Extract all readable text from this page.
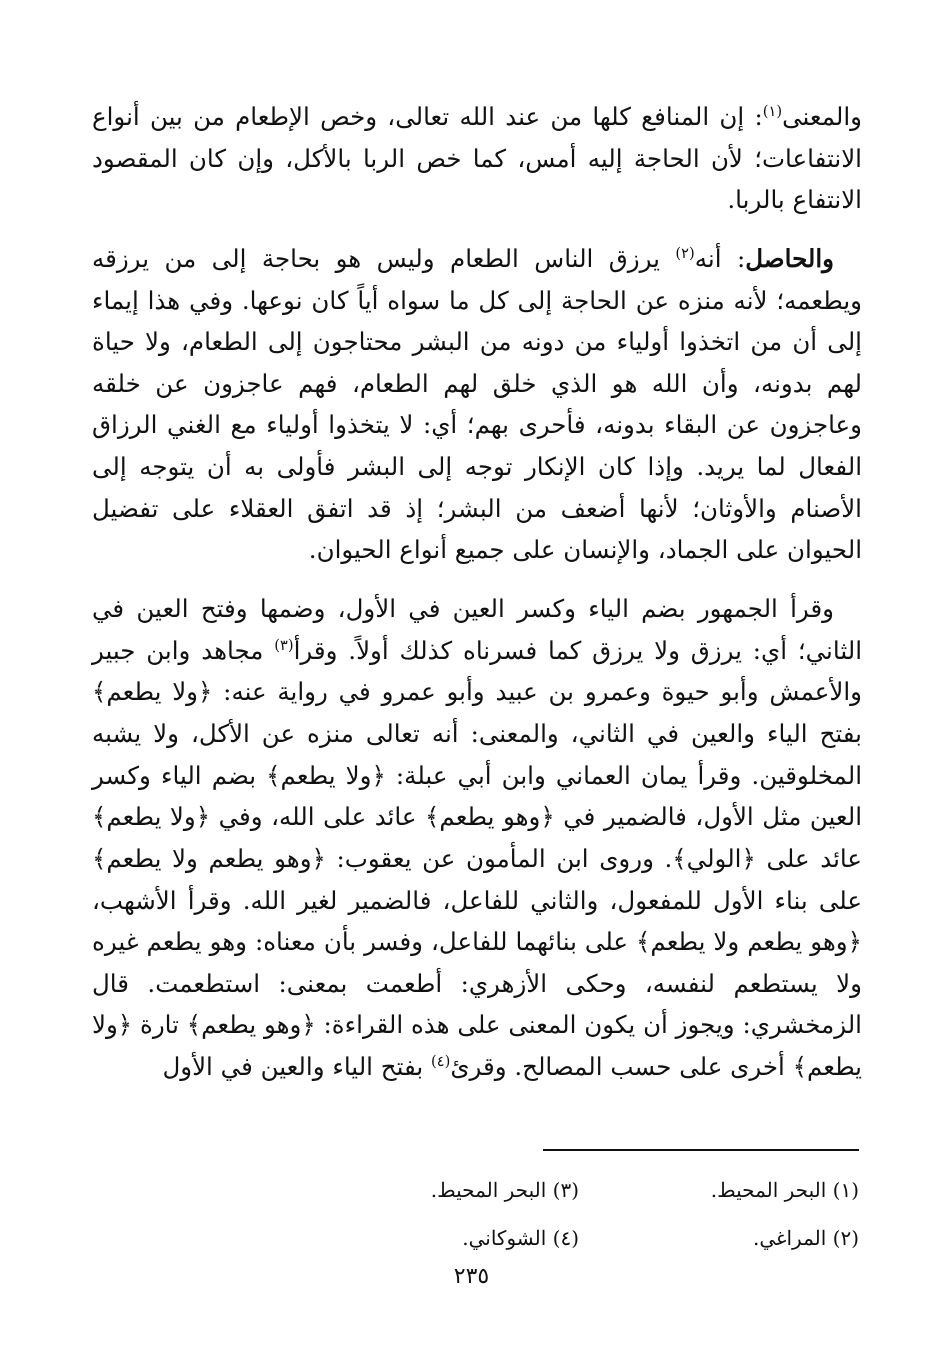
والمعنى$^{(١)}$: إن المنافع كلها من عند الله تعالى، وخص الإطعام من بين أنواع الانتفاعات؛ لأن الحاجة إليه أمس، كما خص الربا بالأكل، وإن كان المقصود الانتفاع بالربا.

والحاصل: أنه$^{(٢)}$ يرزق الناس الطعام وليس هو بحاجة إلى من يرزقه ويطعمه؛ لأنه منزه عن الحاجة إلى كل ما سواه أياً كان نوعها. وفي هذا إيماء إلى أن من اتخذوا أولياء من دونه من البشر محتاجون إلى الطعام، ولا حياة لهم بدونه، وأن الله هو الذي خلق لهم الطعام، فهم عاجزون عن خلقه وعاجزون عن البقاء بدونه، فأحرى بهم؛ أي: لا يتخذوا أولياء مع الغني الرزاق الفعال لما يريد. وإذا كان الإنكار توجه إلى البشر فأولى به أن يتوجه إلى الأصنام والأوثان؛ لأنها أضعف من البشر؛ إذ قد اتفق العقلاء على تفضيل الحيوان على الجماد، والإنسان على جميع أنواع الحيوان.

وقرأ الجمهور بضم الياء وكسر العين في الأول، وضمها وفتح العين في الثاني؛ أي: يرزق ولا يرزق كما فسرناه كذلك أولاً. وقرأ$^{(٣)}$ مجاهد وابن جبير والأعمش وأبو حيوة وعمرو بن عبيد وأبو عمرو في رواية عنه: ﴿ولا يطعم﴾ بفتح الياء والعين في الثاني، والمعنى: أنه تعالى منزه عن الأكل، ولا يشبه المخلوقين. وقرأ يمان العماني وابن أبي عبلة: ﴿ولا يطعم﴾ بضم الياء وكسر العين مثل الأول، فالضمير في ﴿وهو يطعم﴾ عائد على الله، وفي ﴿ولا يطعم﴾ عائد على ﴿الولي﴾. وروى ابن المأمون عن يعقوب: ﴿وهو يطعم ولا يطعم﴾ على بناء الأول للمفعول، والثاني للفاعل، فالضمير لغير الله. وقرأ الأشهب، ﴿وهو يطعم ولا يطعم﴾ على بنائهما للفاعل، وفسر بأن معناه: وهو يطعم غيره ولا يستطعم لنفسه، وحكى الأزهري: أطعمت بمعنى: استطعمت. قال الزمخشري: ويجوز أن يكون المعنى على هذه القراءة: ﴿وهو يطعم﴾ تارة ﴿ولا يطعم﴾ أخرى على حسب المصالح. وقرئ$^{(٤)}$ بفتح الياء والعين في الأول

(١) البحر المحيط.
(٣) البحر المحيط.
(٢) المراغي.
(٤) الشوكاني.
٢٣٥
